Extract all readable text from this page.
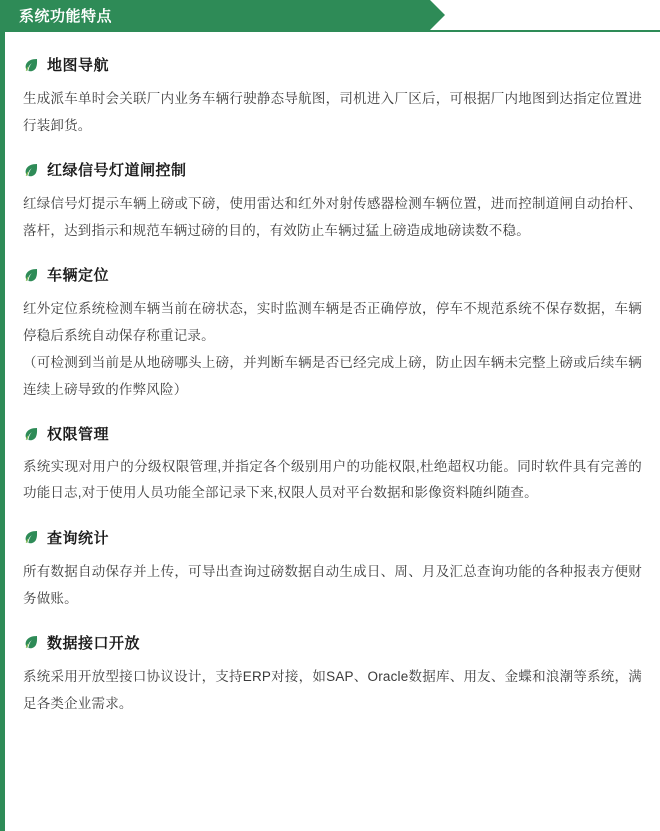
系统功能特点
地图导航

生成派车单时会关联厂内业务车辆行驶静态导航图，司机进入厂区后，可根据厂内地图到达指定位置进行装卸货。

红绿信号灯道闸控制

红绿信号灯提示车辆上磅或下磅，使用雷达和红外对射传感器检测车辆位置，进而控制道闸自动抬杆、落杆，达到指示和规范车辆过磅的目的，有效防止车辆过猛上磅造成地磅读数不稳。

车辆定位

红外定位系统检测车辆当前在磅状态，实时监测车辆是否正确停放，停车不规范系统不保存数据，车辆停稳后系统自动保存称重记录。

（可检测到当前是从地磅哪头上磅，并判断车辆是否已经完成上磅，防止因车辆未完整上磅或后续车辆连续上磅导致的作弊风险）

权限管理

系统实现对用户的分级权限管理,并指定各个级别用户的功能权限,杜绝超权功能。同时软件具有完善的功能日志,对于使用人员功能全部记录下来,权限人员对平台数据和影像资料随纠随查。

查询统计

所有数据自动保存并上传，可导出查询过磅数据自动生成日、周、月及汇总查询功能的各种报表方便财务做账。

数据接口开放

系统采用开放型接口协议设计，支持ERP对接，如SAP、Oracle数据库、用友、金蝶和浪潮等系统，满足各类企业需求。
